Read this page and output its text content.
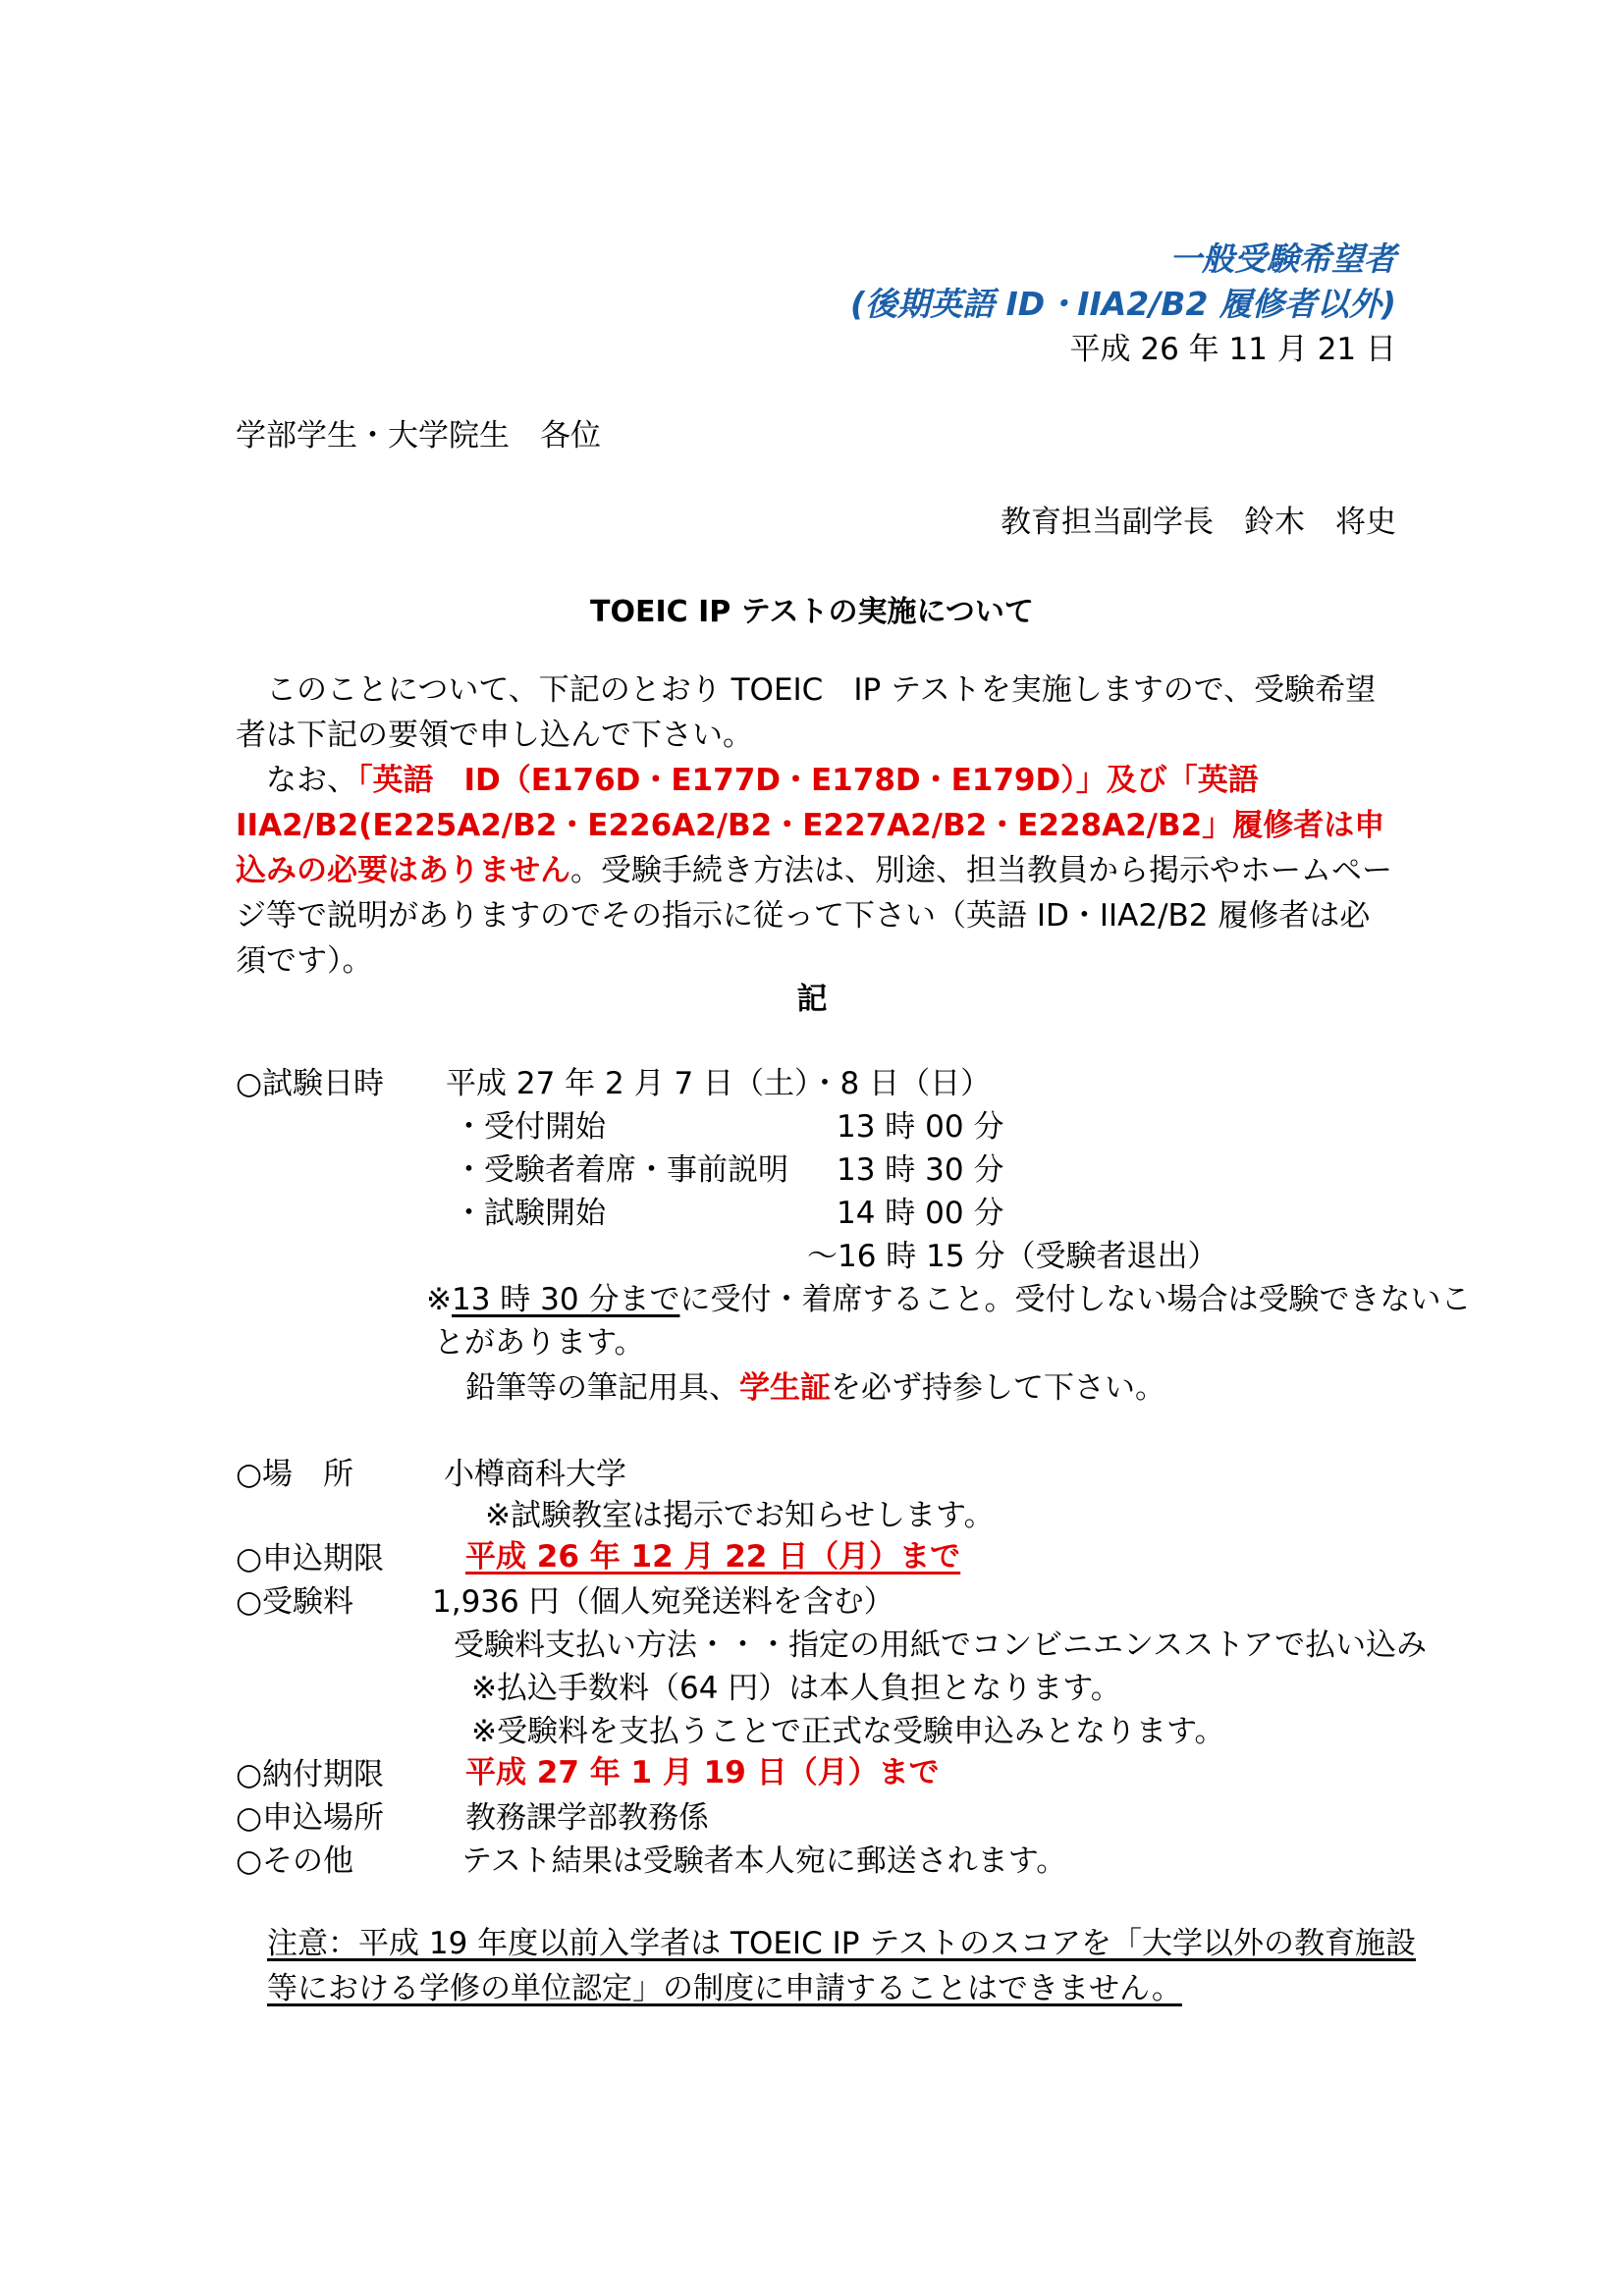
一般受験希望者
(後期英語 ID・IIA2/B2 履修者以外)
平成 26 年 11 月 21 日
学部学生・大学院生　各位
教育担当副学長　鈴木　将史
TOEIC IP テストの実施について

このことについて、下記のとおり TOEIC　IP テストを実施しますので、受験希望者は下記の要領で申し込んで下さい。

なお、「英語　ID（E176D・E177D・E178D・E179D）」及び「英語　IIA2/B2(E225A2/B2・E226A2/B2・E227A2/B2・E228A2/B2」履修者は申込みの必要はありません。受験手続き方法は、別途、担当教員から掲示やホームページ等で説明がありますのでその指示に従って下さい（英語 ID・IIA2/B2 履修者は必須です）。

記
○試験日時 平成 27 年 2 月 7 日（土）・8 日（日）
・受付開始	13 時 00 分
・受験者着席・事前説明 13 時 30 分
・試験開始	14 時 00 分
～16 時 15 分（受験者退出）
※13 時 30 分までに受付・着席すること。受付しない場合は受験できないこ
とがあります。
鉛筆等の筆記用具、学生証を必ず持参して下さい。
○場　所	小樽商科大学
※試験教室は掲示でお知らせします。
○申込期限	平成 26 年 12 月 22 日（月）まで
○受験料	1,936 円（個人宛発送料を含む）
受験料支払い方法・・・指定の用紙でコンビニエンスストアで払い込み
※払込手数料（64 円）は本人負担となります。
※受験料を支払うことで正式な受験申込みとなります。
○納付期限	平成 27 年 1 月 19 日（月）まで
○申込場所	教務課学部教務係
○その他	テスト結果は受験者本人宛に郵送されます。
注意：平成 19 年度以前入学者は TOEIC IP テストのスコアを「大学以外の教育施設
等における学修の単位認定」の制度に申請することはできません。
